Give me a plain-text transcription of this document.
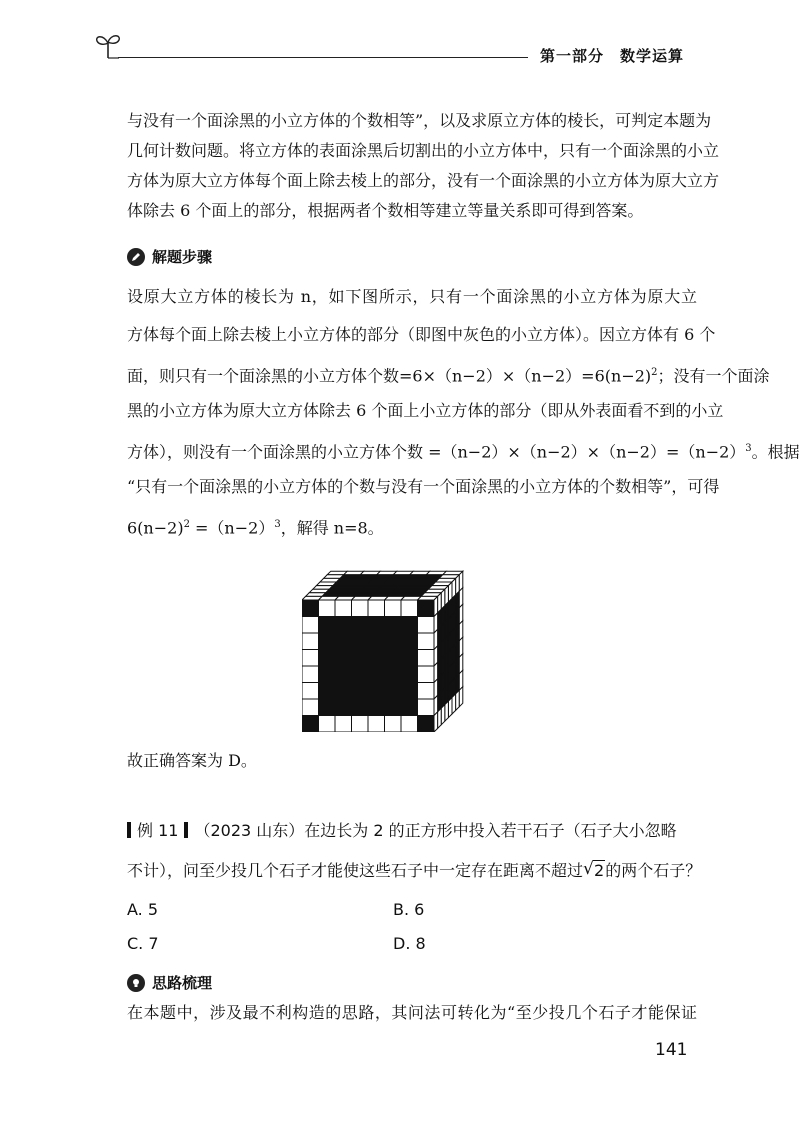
第一部分　数学运算
与没有一个面涂黑的小立方体的个数相等”，以及求原立方体的棱长，可判定本题为
几何计数问题。将立方体的表面涂黑后切割出的小立方体中，只有一个面涂黑的小立
方体为原大立方体每个面上除去棱上的部分，没有一个面涂黑的小立方体为原大立方
体除去 6 个面上的部分，根据两者个数相等建立等量关系即可得到答案。
解题步骤
设原大立方体的棱长为 n，如下图所示，只有一个面涂黑的小立方体为原大立
方体每个面上除去棱上小立方体的部分（即图中灰色的小立方体）。因立方体有 6 个
面，则只有一个面涂黑的小立方体个数$=6\times(n-2)\times(n-2)=6(n-2)^2$；没有一个面涂
黑的小立方体为原大立方体除去 6 个面上小立方体的部分（即从外表面看不到的小立
方体），则没有一个面涂黑的小立方体个数 $=(n-2)\times(n-2)\times(n-2)=(n-2)^3$。根据
“只有一个面涂黑的小立方体的个数与没有一个面涂黑的小立方体的个数相等”，可得
$6(n-2)^2 =(n-2)^3$，解得 n=8。
故正确答案为 D。
例 11 （2023 山东）在边长为 2 的正方形中投入若干石子（石子大小忽略
不计），问至少投几个石子才能使这些石子中一定存在距离不超过 √ 2的两个石子？
A. 5	B. 6
C. 7	D. 8
思路梳理
在本题中，涉及最不利构造的思路，其问法可转化为“至少投几个石子才能保证
141
